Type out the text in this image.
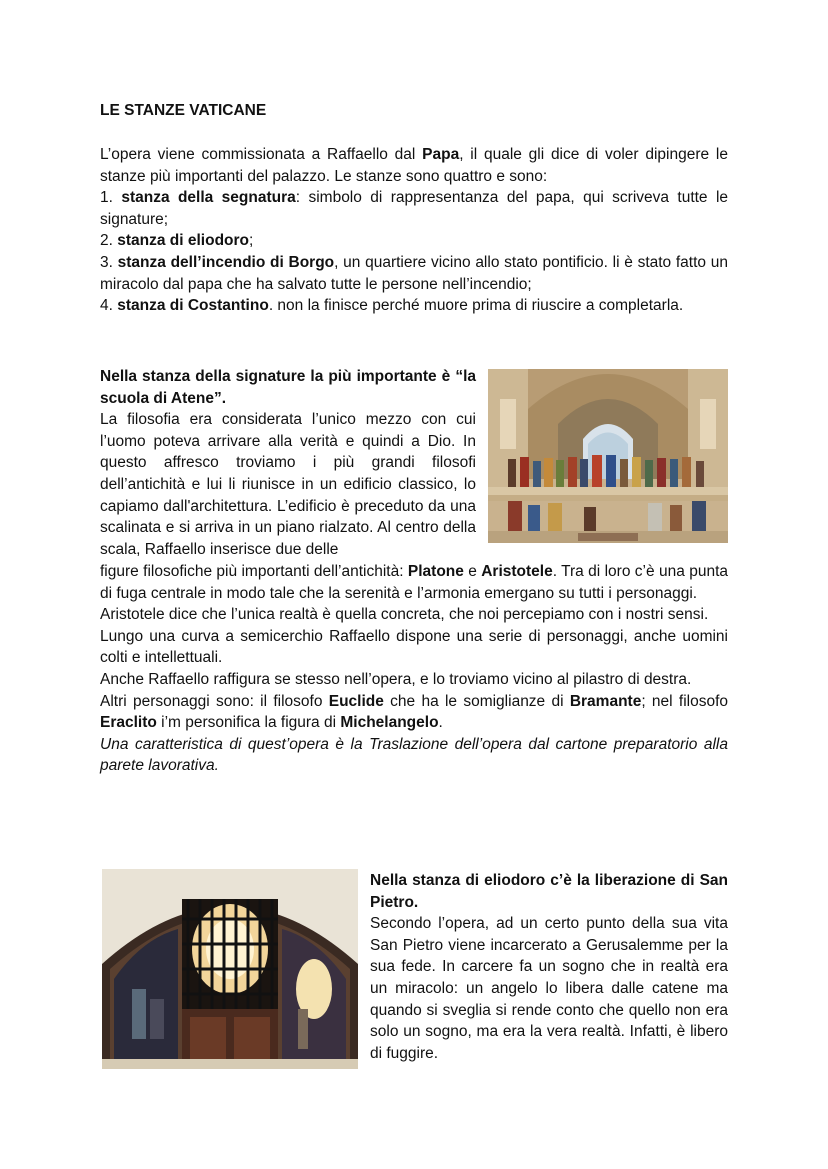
LE STANZE VATICANE

L’opera viene commissionata a Raffaello dal Papa, il quale gli dice di voler dipingere le stanze più importanti del palazzo. Le stanze sono quattro e sono:

1. stanza della segnatura: simbolo di rappresentanza del papa, qui scriveva tutte le signature;

2. stanza di eliodoro;

3. stanza dell’incendio di Borgo, un quartiere vicino allo stato pontificio. li è stato fatto un miracolo dal papa che ha salvato tutte le persone nell’incendio;

4. stanza di Costantino. non la finisce perché muore prima di riuscire a completarla.

Nella stanza della signature la più importante è “la scuola di Atene”.

La filosofia era considerata l’unico mezzo con cui l’uomo poteva arrivare alla verità e quindi a Dio. In questo affresco troviamo i più grandi filosofi dell’antichità e lui li riunisce in un edificio classico, lo capiamo dall'architettura. L’edificio è preceduto da una scalinata e si arriva in un piano rialzato. Al centro della scala, Raffaello inserisce due delle

figure filosofiche più importanti dell’antichità: Platone e Aristotele. Tra di loro c’è una punta di fuga centrale in modo tale che la serenità e l’armonia emergano su tutti i personaggi.

Aristotele dice che l’unica realtà è quella concreta, che noi percepiamo con i nostri sensi.

Lungo una curva a semicerchio Raffaello dispone una serie di personaggi, anche uomini colti e intellettuali.

Anche Raffaello raffigura se stesso nell’opera, e lo troviamo vicino al pilastro di destra.

Altri personaggi sono: il filosofo Euclide che ha le somiglianze di Bramante; nel filosofo Eraclito i’m personifica la figura di Michelangelo.

Una caratteristica di quest’opera è la Traslazione dell’opera dal cartone preparatorio alla parete lavorativa.

Nella stanza di eliodoro c’è la liberazione di San Pietro.

Secondo l’opera, ad un certo punto della sua vita San Pietro viene incarcerato a Gerusalemme per la sua fede. In carcere fa un sogno che in realtà era un miracolo: un angelo lo libera dalle catene ma quando si sveglia si rende conto che quello non era solo un sogno, ma era la vera realtà. Infatti, è libero di fuggire.
